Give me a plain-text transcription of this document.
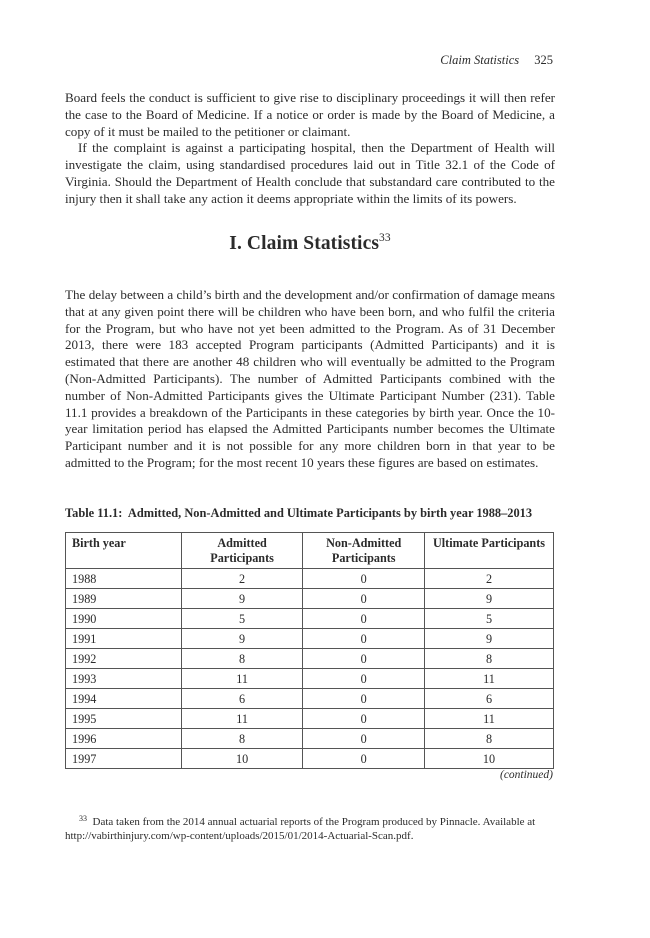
Claim Statistics 325

Board feels the conduct is sufficient to give rise to disciplinary proceedings it will then refer the case to the Board of Medicine. If a notice or order is made by the Board of Medicine, a copy of it must be mailed to the petitioner or claimant.

If the complaint is against a participating hospital, then the Department of Health will investigate the claim, using standardised procedures laid out in Title 32.1 of the Code of Virginia. Should the Department of Health conclude that substandard care contributed to the injury then it shall take any action it deems appropriate within the limits of its powers.

I. Claim Statistics$^{33}$

The delay between a child’s birth and the development and/or confirmation of damage means that at any given point there will be children who have been born, and who fulfil the criteria for the Program, but who have not yet been admitted to the Program. As of 31 December 2013, there were 183 accepted Program participants (Admitted Participants) and it is estimated that there are another 48 children who will eventually be admitted to the Program (Non-Admitted Participants). The number of Admitted Participants combined with the number of Non-Admitted Participants gives the Ultimate Participant Number (231). Table 11.1 provides a breakdown of the Participants in these categories by birth year. Once the 10-year limitation period has elapsed the Admitted Participants number becomes the Ultimate Participant number and it is not possible for any more children born in that year to be admitted to the Program; for the most recent 10 years these figures are based on estimates.

Table 11.1: Admitted, Non-Admitted and Ultimate Participants by birth year 1988–2013
Birth year	Admitted Participants	Non-Admitted Participants	Ultimate Participants
1988	2	0	2
1989	9	0	9
1990	5	0	5
1991	9	0	9
1992	8	0	8
1993	11	0	11
1994	6	0	6
1995	11	0	11
1996	8	0	8
1997	10	0	10
(continued)
$^{33}$ Data taken from the 2014 annual actuarial reports of the Program produced by Pinnacle. Available at http://vabirthinjury.com/wp-content/uploads/2015/01/2014-Actuarial-Scan.pdf.
